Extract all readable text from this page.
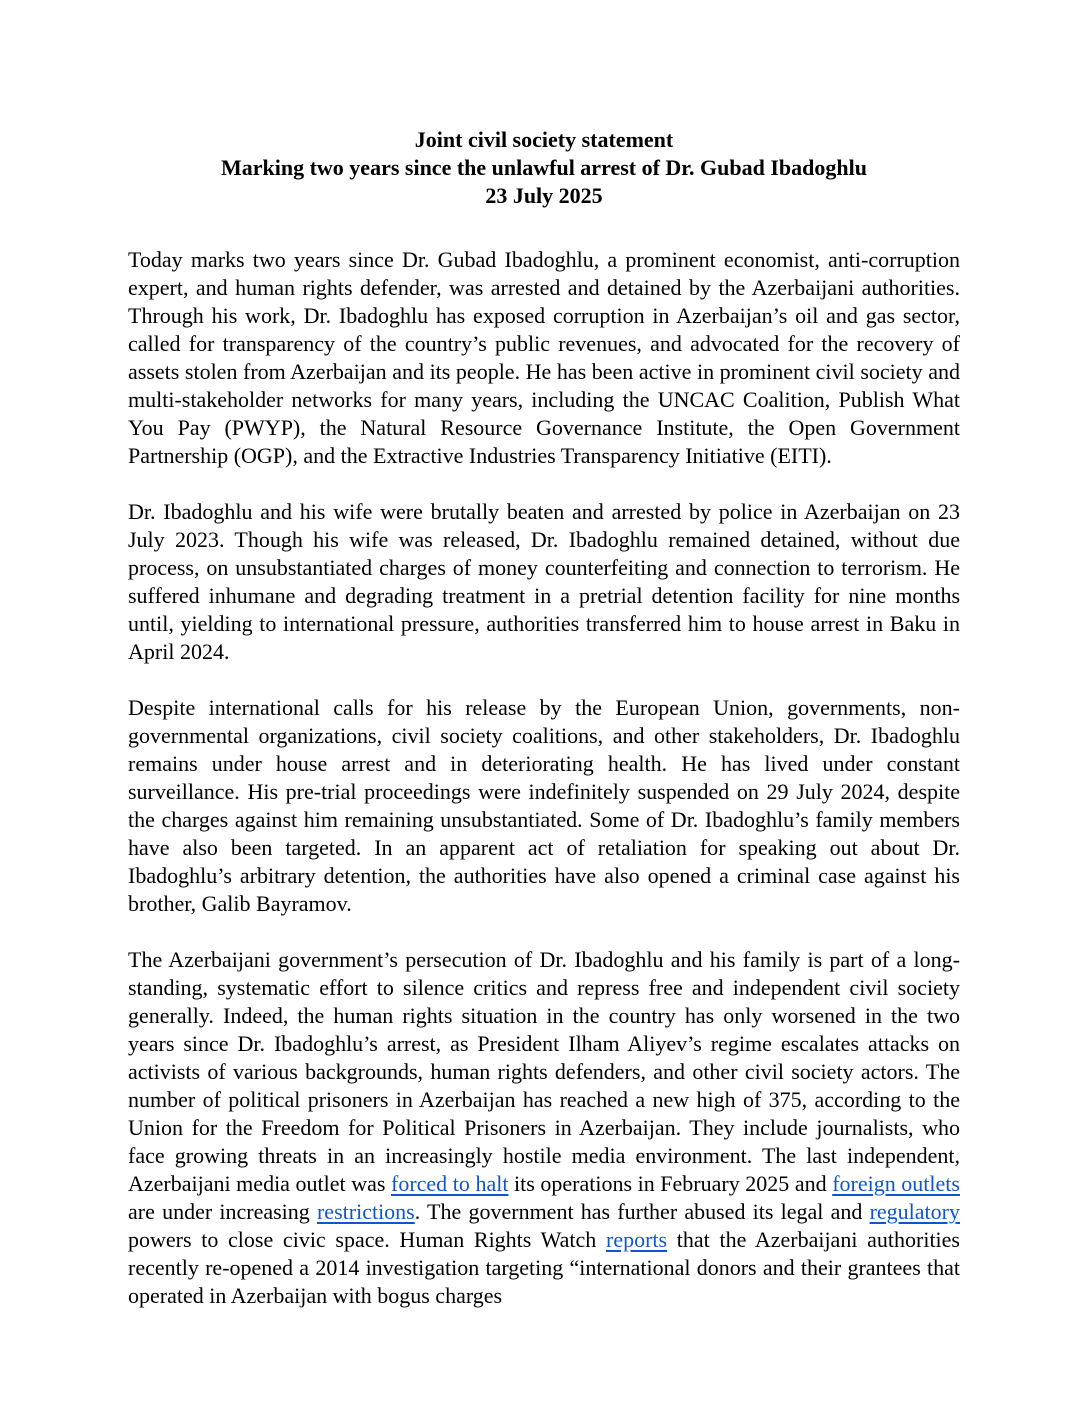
Joint civil society statement
Marking two years since the unlawful arrest of Dr. Gubad Ibadoghlu
23 July 2025

Today marks two years since Dr. Gubad Ibadoghlu, a prominent economist, anti-corruption expert, and human rights defender, was arrested and detained by the Azerbaijani authorities. Through his work, Dr. Ibadoghlu has exposed corruption in Azerbaijan’s oil and gas sector, called for transparency of the country’s public revenues, and advocated for the recovery of assets stolen from Azerbaijan and its people. He has been active in prominent civil society and multi-stakeholder networks for many years, including the UNCAC Coalition, Publish What You Pay (PWYP), the Natural Resource Governance Institute, the Open Government Partnership (OGP), and the Extractive Industries Transparency Initiative (EITI).

Dr. Ibadoghlu and his wife were brutally beaten and arrested by police in Azerbaijan on 23 July 2023. Though his wife was released, Dr. Ibadoghlu remained detained, without due process, on unsubstantiated charges of money counterfeiting and connection to terrorism. He suffered inhumane and degrading treatment in a pretrial detention facility for nine months until, yielding to international pressure, authorities transferred him to house arrest in Baku in April 2024.

Despite international calls for his release by the European Union, governments, non-governmental organizations, civil society coalitions, and other stakeholders, Dr. Ibadoghlu remains under house arrest and in deteriorating health. He has lived under constant surveillance. His pre-trial proceedings were indefinitely suspended on 29 July 2024, despite the charges against him remaining unsubstantiated. Some of Dr. Ibadoghlu’s family members have also been targeted. In an apparent act of retaliation for speaking out about Dr. Ibadoghlu’s arbitrary detention, the authorities have also opened a criminal case against his brother, Galib Bayramov.

The Azerbaijani government’s persecution of Dr. Ibadoghlu and his family is part of a long-standing, systematic effort to silence critics and repress free and independent civil society generally. Indeed, the human rights situation in the country has only worsened in the two years since Dr. Ibadoghlu’s arrest, as President Ilham Aliyev’s regime escalates attacks on activists of various backgrounds, human rights defenders, and other civil society actors. The number of political prisoners in Azerbaijan has reached a new high of 375, according to the Union for the Freedom for Political Prisoners in Azerbaijan. They include journalists, who face growing threats in an increasingly hostile media environment. The last independent, Azerbaijani media outlet was forced to halt its operations in February 2025 and foreign outlets are under increasing restrictions. The government has further abused its legal and regulatory powers to close civic space. Human Rights Watch reports that the Azerbaijani authorities recently re-opened a 2014 investigation targeting “international donors and their grantees that operated in Azerbaijan with bogus charges
